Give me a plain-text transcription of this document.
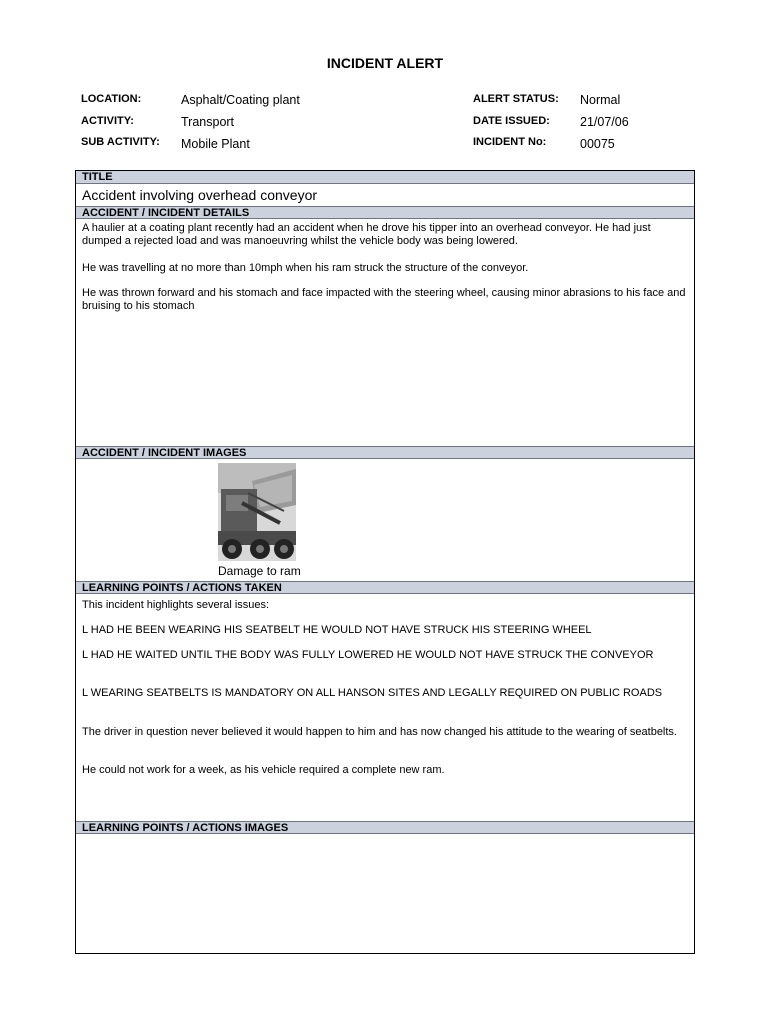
INCIDENT ALERT
LOCATION:	Asphalt/Coating plant
ACTIVITY:	Transport
SUB ACTIVITY: Mobile Plant
ALERT STATUS: Normal
DATE ISSUED: 21/07/06
INCIDENT No:	00075
TITLE
Accident involving overhead conveyor
ACCIDENT / INCIDENT DETAILS
A haulier at a coating plant recently had an accident when he drove his tipper into an overhead conveyor. He had just dumped a rejected load and was manoeuvring whilst the vehicle body was being lowered.
He was travelling at no more than 10mph when his ram struck the structure of the conveyor.
He was thrown forward and his stomach and face impacted with the steering wheel, causing minor abrasions to his face and bruising to his stomach
ACCIDENT / INCIDENT IMAGES
Damage to ram
LEARNING POINTS / ACTIONS TAKEN
This incident highlights several issues:
L HAD HE BEEN WEARING HIS SEATBELT HE WOULD NOT HAVE STRUCK HIS STEERING WHEEL
L HAD HE WAITED UNTIL THE BODY WAS FULLY LOWERED HE WOULD NOT HAVE STRUCK THE CONVEYOR
L WEARING SEATBELTS IS MANDATORY ON ALL HANSON SITES AND LEGALLY REQUIRED ON PUBLIC ROADS
The driver in question never believed it would happen to him and has now changed his attitude to the wearing of seatbelts.
He could not work for a week, as his vehicle required a complete new ram.
LEARNING POINTS / ACTIONS IMAGES
